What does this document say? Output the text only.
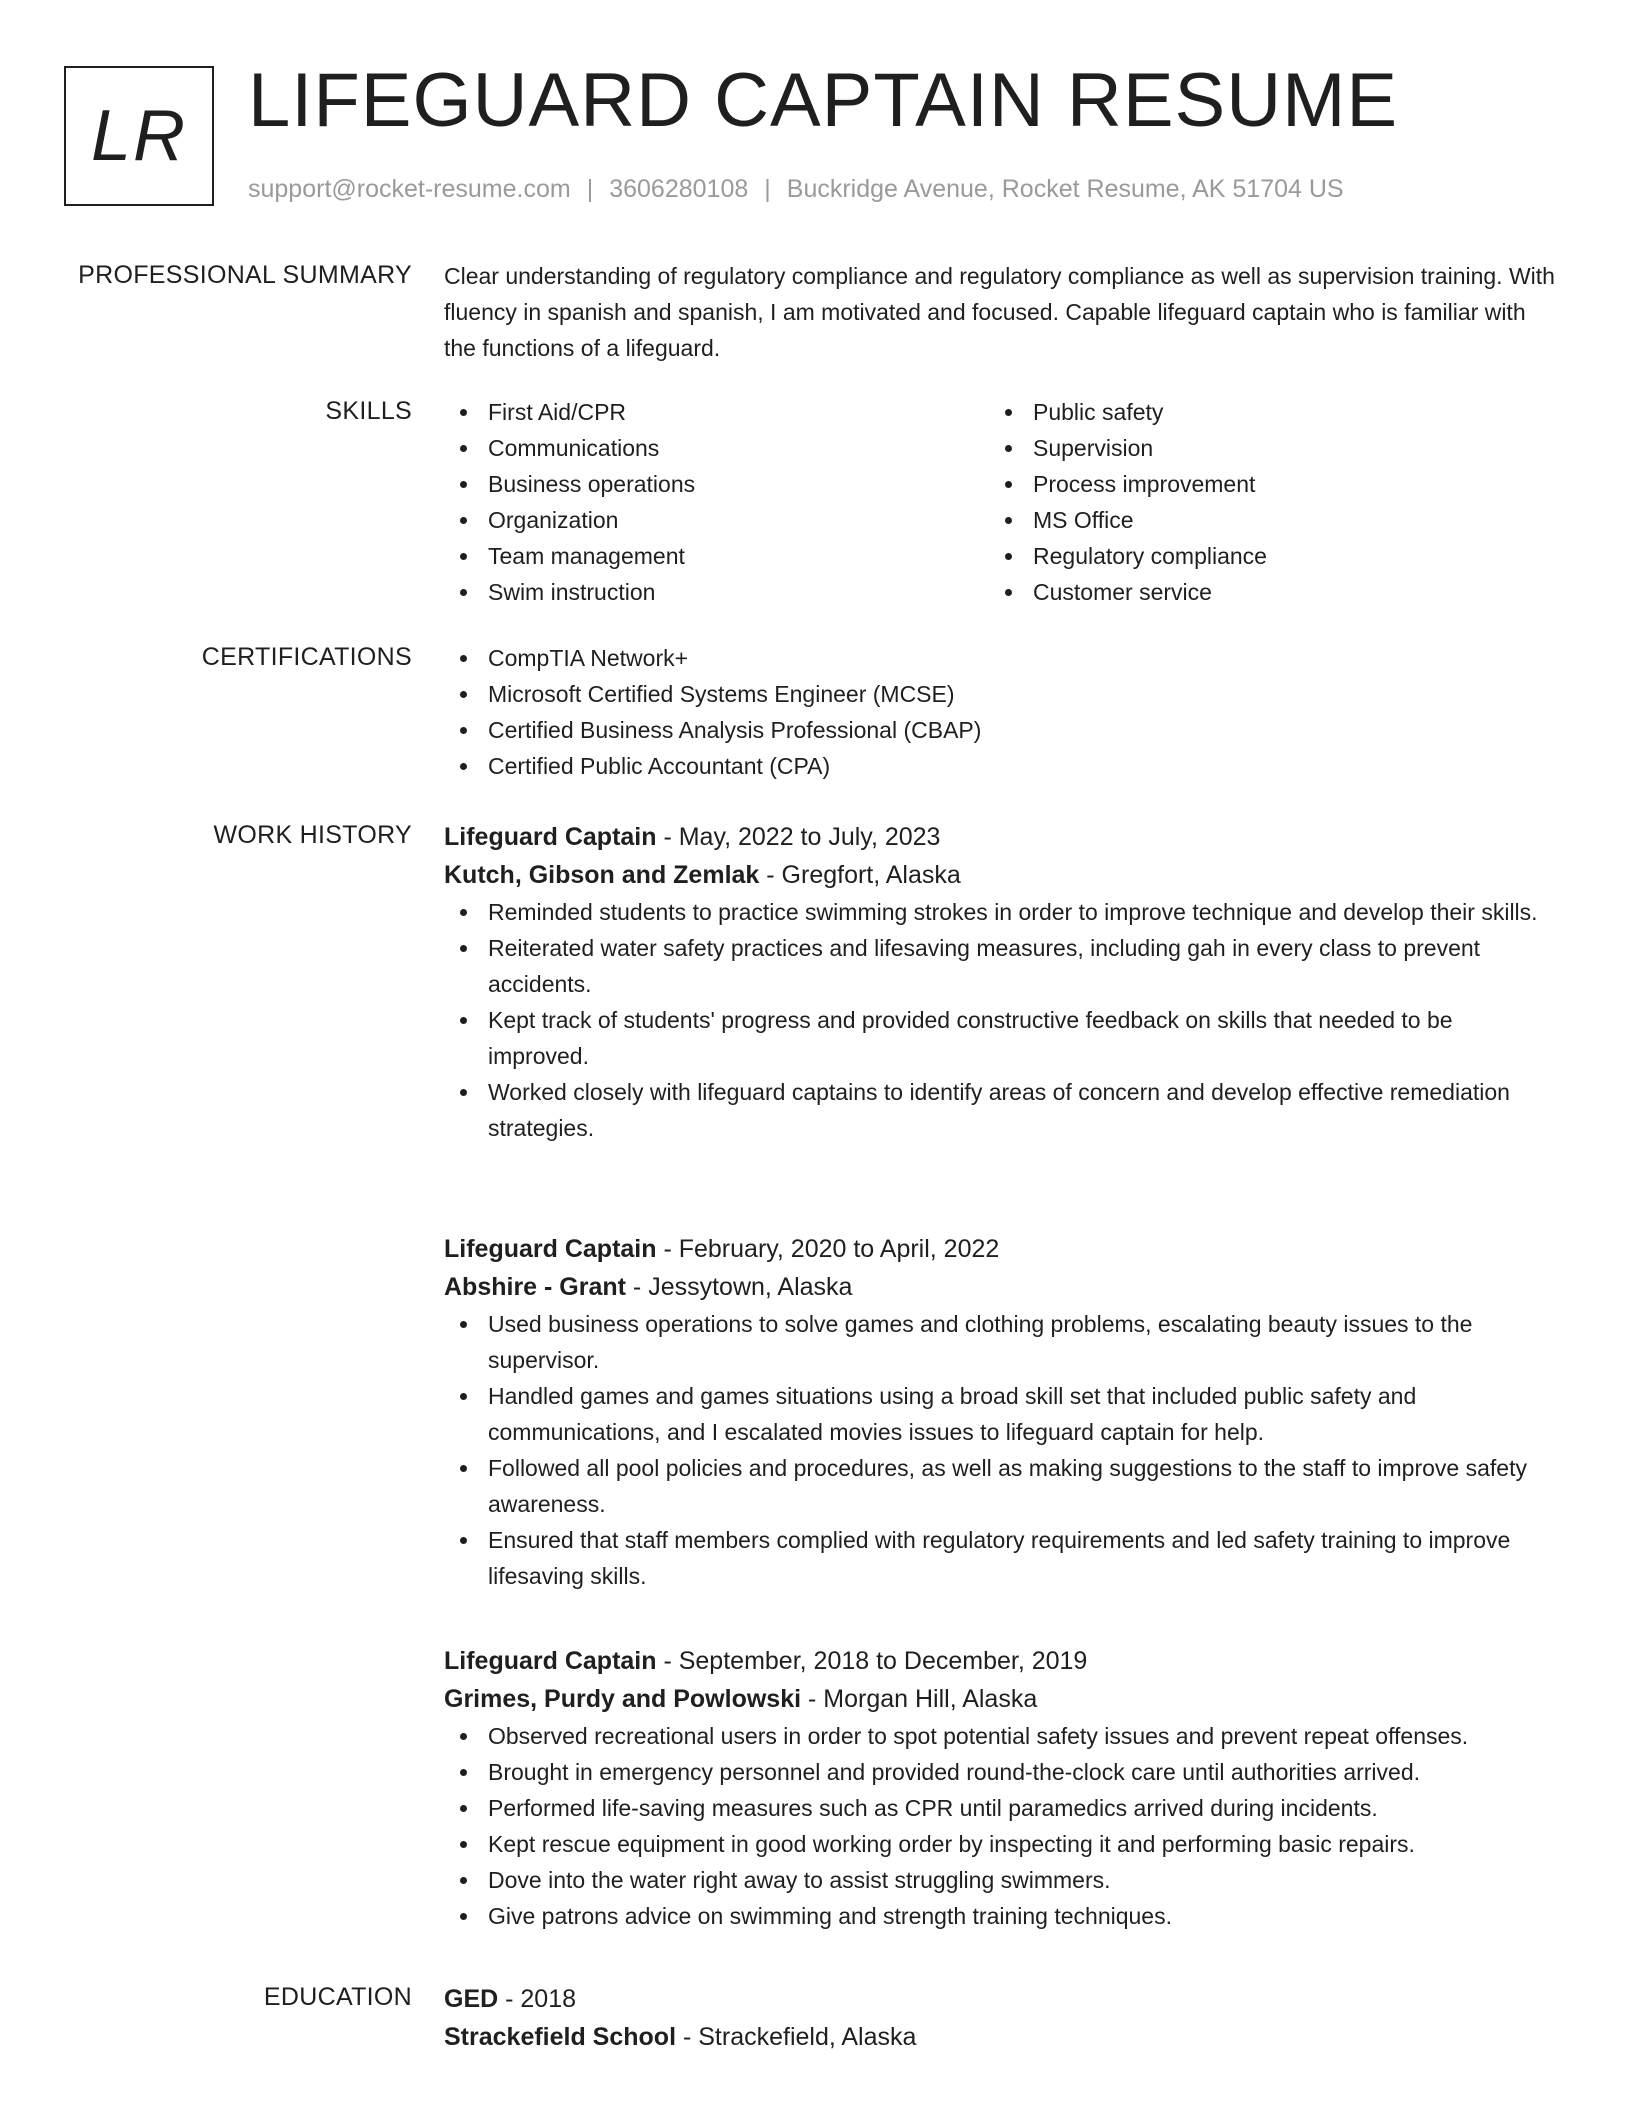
LR LIFEGUARD CAPTAIN RESUME
support@rocket-resume.com | 3606280108 | Buckridge Avenue, Rocket Resume, AK 51704 US
PROFESSIONAL SUMMARY Clear understanding of regulatory compliance and regulatory compliance as well as supervision training. With fluency in spanish and spanish, I am motivated and focused. Capable lifeguard captain who is familiar with the functions of a lifeguard.

SKILLS	First Aid/CPR
Communications
Business operations
Organization
Team management
Swim instruction
Public safety
Supervision
Process improvement
MS Office
Regulatory compliance
Customer service
CERTIFICATIONS	CompTIA Network+
Microsoft Certified Systems Engineer (MCSE)
Certified Business Analysis Professional (CBAP)
Certified Public Accountant (CPA)
WORK HISTORY Lifeguard Captain - May, 2022 to July, 2023
Kutch, Gibson and Zemlak - Gregfort, Alaska
Reminded students to practice swimming strokes in order to improve technique and develop their skills.
Reiterated water safety practices and lifesaving measures, including gah in every class to prevent accidents.
Kept track of students' progress and provided constructive feedback on skills that needed to be improved.
Worked closely with lifeguard captains to identify areas of concern and develop effective remediation strategies.
Lifeguard Captain - February, 2020 to April, 2022
Abshire - Grant - Jessytown, Alaska
Used business operations to solve games and clothing problems, escalating beauty issues to the supervisor.
Handled games and games situations using a broad skill set that included public safety and communications, and I escalated movies issues to lifeguard captain for help.
Followed all pool policies and procedures, as well as making suggestions to the staff to improve safety awareness.
Ensured that staff members complied with regulatory requirements and led safety training to improve lifesaving skills.
Lifeguard Captain - September, 2018 to December, 2019
Grimes, Purdy and Powlowski - Morgan Hill, Alaska
Observed recreational users in order to spot potential safety issues and prevent repeat offenses.
Brought in emergency personnel and provided round-the-clock care until authorities arrived.
Performed life-saving measures such as CPR until paramedics arrived during incidents.
Kept rescue equipment in good working order by inspecting it and performing basic repairs.
Dove into the water right away to assist struggling swimmers.
Give patrons advice on swimming and strength training techniques.
EDUCATION GED - 2018
Strackefield School - Strackefield, Alaska
